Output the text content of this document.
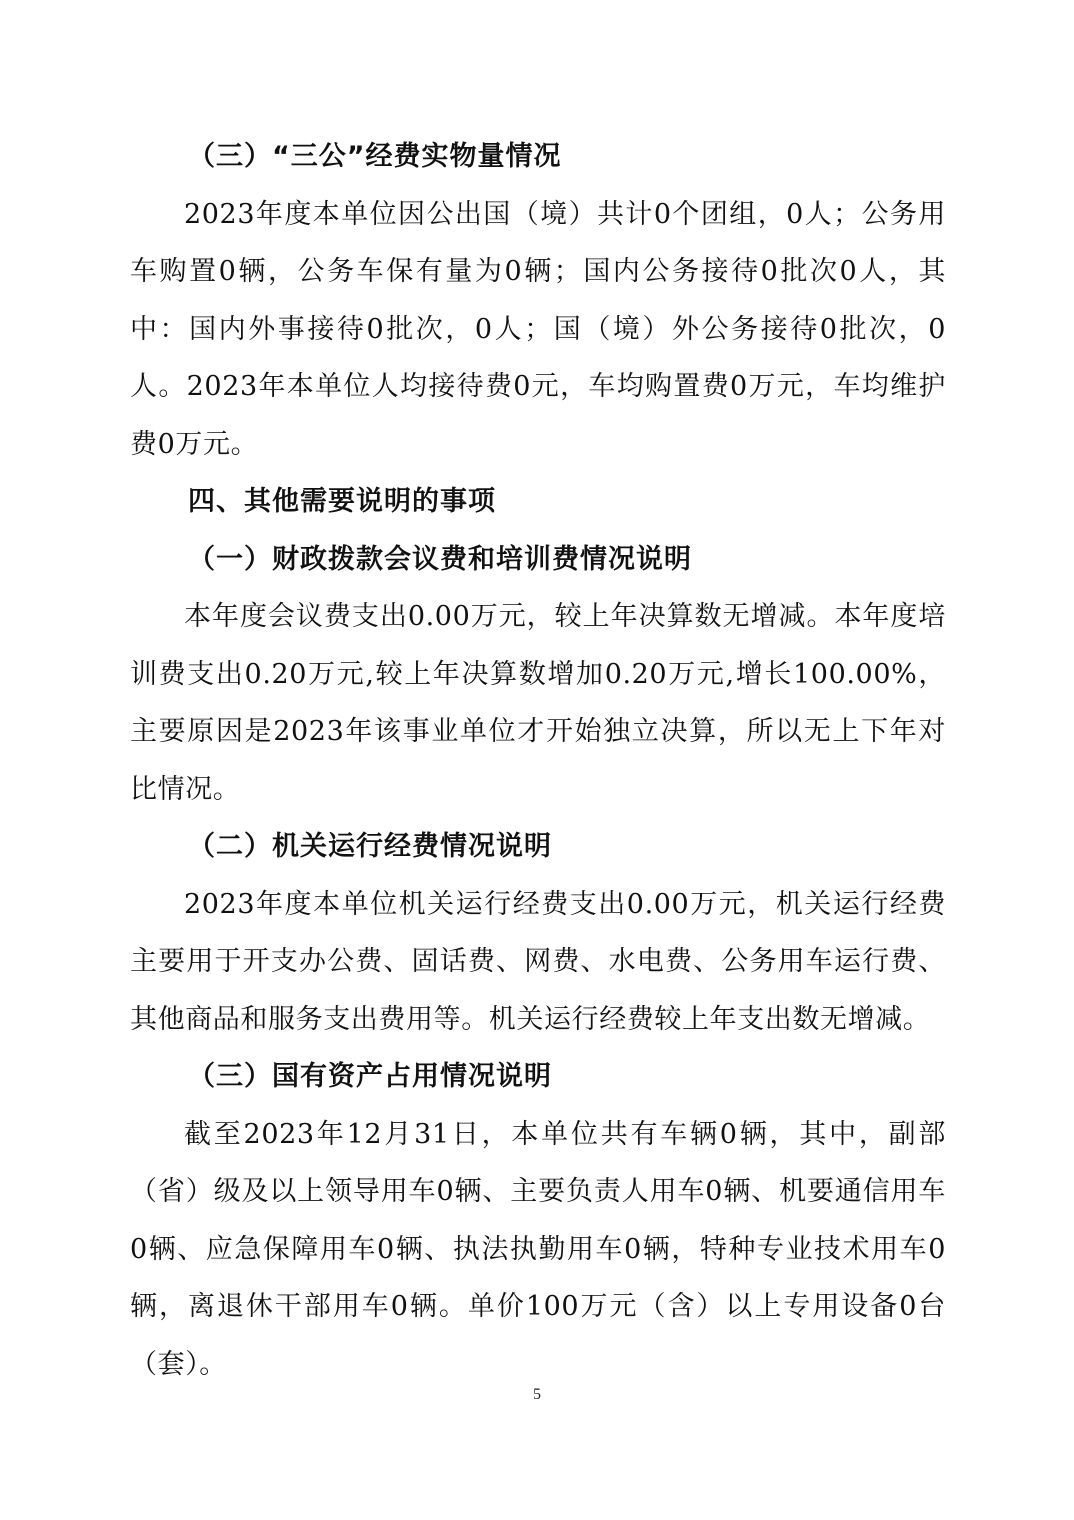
（三）“三公”经费实物量情况

2023年度本单位因公出国（境）共计0个团组，0人；公务用车购置0辆，公务车保有量为0辆；国内公务接待0批次0人，其中：国内外事接待0批次，0人；国（境）外公务接待0批次，0人。2023年本单位人均接待费0元，车均购置费0万元，车均维护费0万元。

四、其他需要说明的事项

（一）财政拨款会议费和培训费情况说明

本年度会议费支出0.00万元，较上年决算数无增减。本年度培训费支出0.20万元,较上年决算数增加0.20万元,增长100.00%，主要原因是2023年该事业单位才开始独立决算，所以无上下年对比情况。

（二）机关运行经费情况说明

2023年度本单位机关运行经费支出0.00万元，机关运行经费主要用于开支办公费、固话费、网费、水电费、公务用车运行费、其他商品和服务支出费用等。机关运行经费较上年支出数无增减。

（三）国有资产占用情况说明

截至2023年12月31日，本单位共有车辆0辆，其中，副部（省）级及以上领导用车0辆、主要负责人用车0辆、机要通信用车0辆、应急保障用车0辆、执法执勤用车0辆，特种专业技术用车0辆，离退休干部用车0辆。单价100万元（含）以上专用设备0台（套）。

5
